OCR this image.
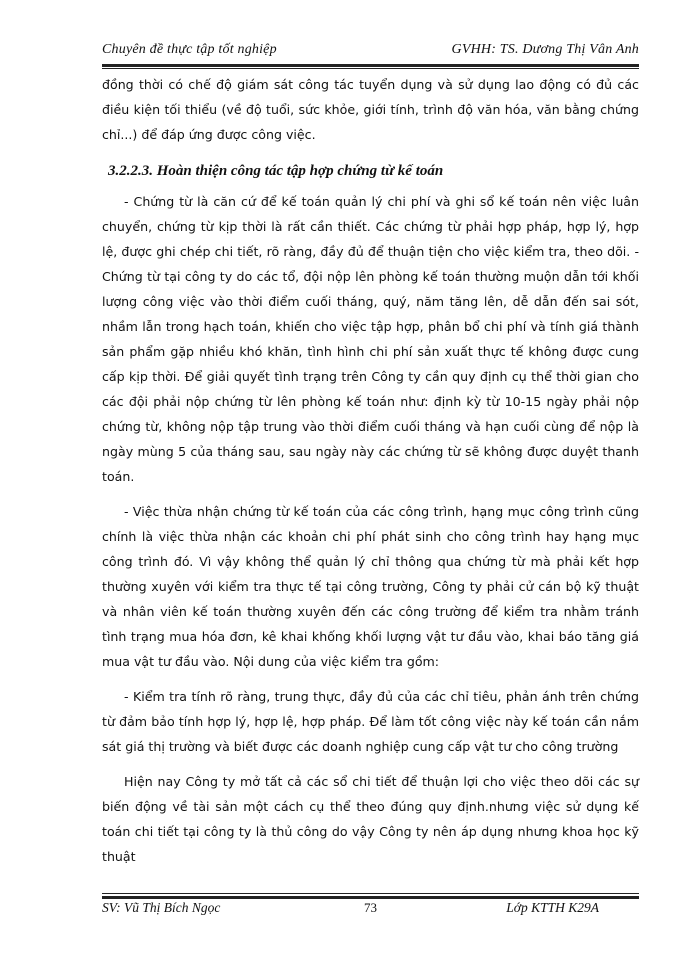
Chuyên đề thực tập tốt nghiệp	GVHH: TS. Dương Thị Vân Anh

đồng thời có chế độ giám sát công tác tuyển dụng và sử dụng lao động có đủ các điều kiện tối thiểu (về độ tuổi, sức khỏe, giới tính, trình độ văn hóa, văn bằng chứng chỉ...) để đáp ứng được công việc.

3.2.2.3. Hoàn thiện công tác tập hợp chứng từ kế toán

- Chứng từ là căn cứ để kế toán quản lý chi phí và ghi sổ kế toán nên việc luân chuyển, chứng từ kịp thời là rất cần thiết. Các chứng từ phải hợp pháp, hợp lý, hợp lệ, được ghi chép chi tiết, rõ ràng, đầy đủ để thuận tiện cho việc kiểm tra, theo dõi. - Chứng từ tại công ty do các tổ, đội nộp lên phòng kế toán thường muộn dẫn tới khối lượng công việc vào thời điểm cuối tháng, quý, năm tăng lên, dễ dẫn đến sai sót, nhầm lẫn trong hạch toán, khiến cho việc tập hợp, phân bổ chi phí và tính giá thành sản phẩm gặp nhiều khó khăn, tình hình chi phí sản xuất thực tế không được cung cấp kịp thời. Để giải quyết tình trạng trên Công ty cần quy định cụ thể thời gian cho các đội phải nộp chứng từ lên phòng kế toán như: định kỳ từ 10-15 ngày phải nộp chứng từ, không nộp tập trung vào thời điểm cuối tháng và hạn cuối cùng để nộp là ngày mùng 5 của tháng sau, sau ngày này các chứng từ sẽ không được duyệt thanh toán.

- Việc thừa nhận chứng từ kế toán của các công trình, hạng mục công trình cũng chính là việc thừa nhận các khoản chi phí phát sinh cho công trình hay hạng mục công trình đó. Vì vậy không thể quản lý chỉ thông qua chứng từ mà phải kết hợp thường xuyên với kiểm tra thực tế tại công trường, Công ty phải cử cán bộ kỹ thuật và nhân viên kế toán thường xuyên đến các công trường để kiểm tra nhằm tránh tình trạng mua hóa đơn, kê khai khống khối lượng vật tư đầu vào, khai báo tăng giá mua vật tư đầu vào. Nội dung của việc kiểm tra gồm:

- Kiểm tra tính rõ ràng, trung thực, đầy đủ của các chỉ tiêu, phản ánh trên chứng từ đảm bảo tính hợp lý, hợp lệ, hợp pháp. Để làm tốt công việc này kế toán cần nắm sát giá thị trường và biết được các doanh nghiệp cung cấp vật tư cho công trường

Hiện nay Công ty mở tất cả các sổ chi tiết để thuận lợi cho việc theo dõi các sự biến động về tài sản một cách cụ thể theo đúng quy định.nhưng việc sử dụng kế toán chi tiết tại công ty là thủ công do vậy Công ty nên áp dụng nhưng khoa học kỹ thuật

SV: Vũ Thị Bích Ngọc	73	Lớp KTTH K29A
